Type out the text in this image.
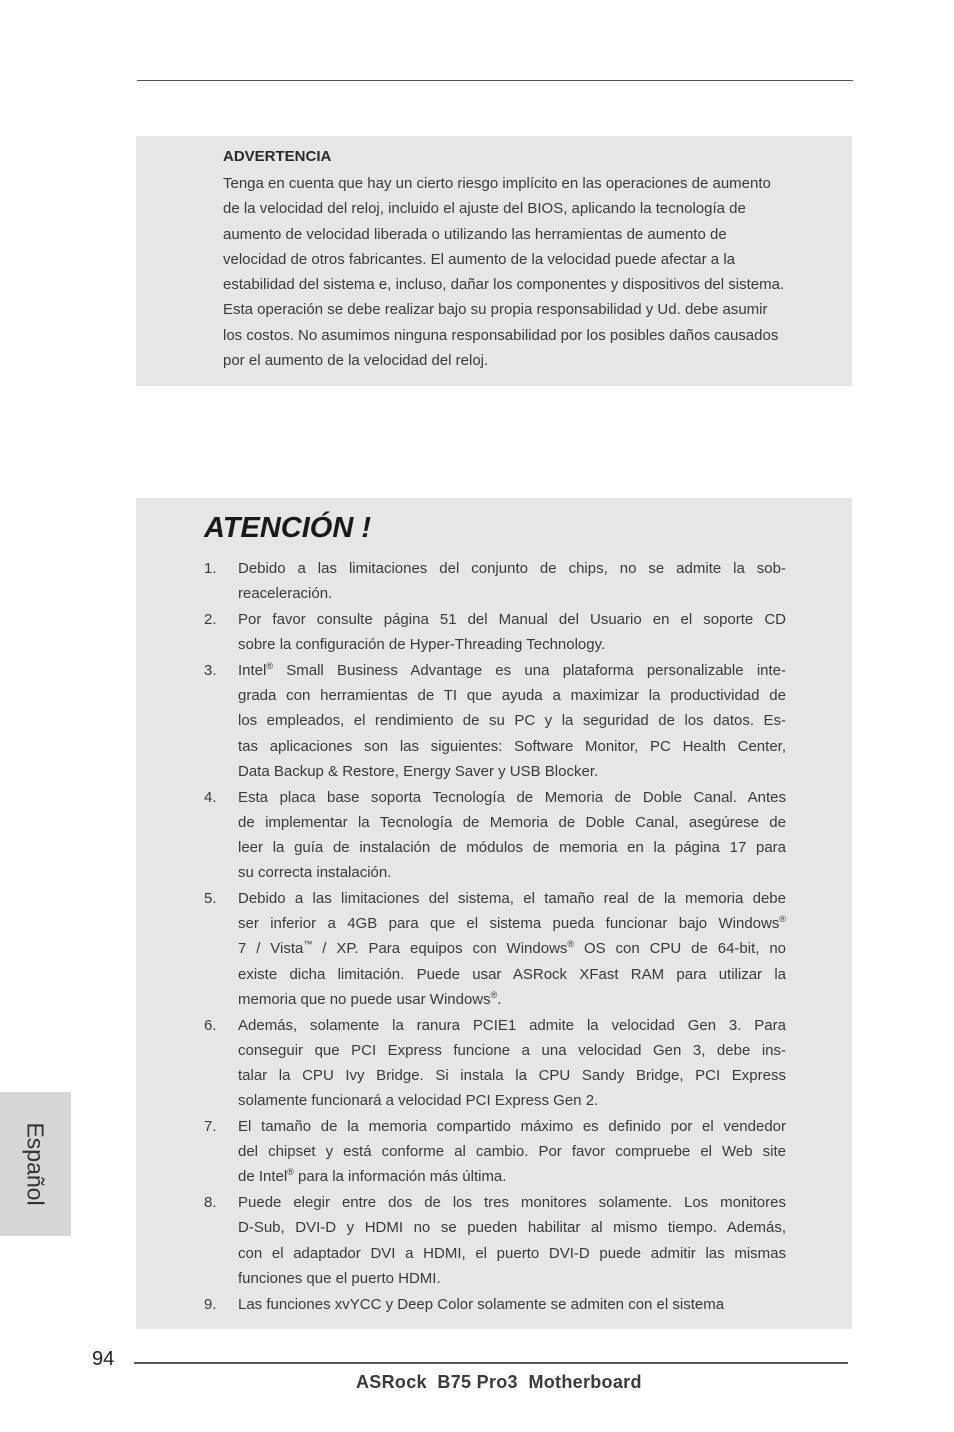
ADVERTENCIA

Tenga en cuenta que hay un cierto riesgo implícito en las operaciones de aumento
de la velocidad del reloj, incluido el ajuste del BIOS, aplicando la tecnología de
aumento de velocidad liberada o utilizando las herramientas de aumento de
velocidad de otros fabricantes. El aumento de la velocidad puede afectar a la
estabilidad del sistema e, incluso, dañar los componentes y dispositivos del sistema.
Esta operación se debe realizar bajo su propia responsabilidad y Ud. debe asumir
los costos. No asumimos ninguna responsabilidad por los posibles daños causados
por el aumento de la velocidad del reloj.

ATENCIÓN !
1. Debido a las limitaciones del conjunto de chips, no se admite la sob-
reaceleración.
2. Por favor consulte página 51 del Manual del Usuario en el soporte CD
sobre la configuración de Hyper-Threading Technology.
3. Intel® Small Business Advantage es una plataforma personalizable inte-
grada con herramientas de TI que ayuda a maximizar la productividad de
los empleados, el rendimiento de su PC y la seguridad de los datos. Es-
tas aplicaciones son las siguientes: Software Monitor, PC Health Center,
Data Backup & Restore, Energy Saver y USB Blocker.
4. Esta placa base soporta Tecnología de Memoria de Doble Canal. Antes
de implementar la Tecnología de Memoria de Doble Canal, asegúrese de
leer la guía de instalación de módulos de memoria en la página 17 para
su correcta instalación.
5. Debido a las limitaciones del sistema, el tamaño real de la memoria debe
ser inferior a 4GB para que el sistema pueda funcionar bajo Windows®
7 / Vista™ / XP. Para equipos con Windows® OS con CPU de 64-bit, no
existe dicha limitación. Puede usar ASRock XFast RAM para utilizar la
memoria que no puede usar Windows®.
6. Además, solamente la ranura PCIE1 admite la velocidad Gen 3. Para
conseguir que PCI Express funcione a una velocidad Gen 3, debe ins-
talar la CPU Ivy Bridge. Si instala la CPU Sandy Bridge, PCI Express
solamente funcionará a velocidad PCI Express Gen 2.
7. El tamaño de la memoria compartido máximo es definido por el vendedor
del chipset y está conforme al cambio. Por favor compruebe el Web site
de Intel® para la información más última.
8. Puede elegir entre dos de los tres monitores solamente. Los monitores
D-Sub, DVI-D y HDMI no se pueden habilitar al mismo tiempo. Además,
con el adaptador DVI a HDMI, el puerto DVI-D puede admitir las mismas
funciones que el puerto HDMI.
9. Las funciones xvYCC y Deep Color solamente se admiten con el sistema
Español
94
ASRock  B75 Pro3  Motherboard
